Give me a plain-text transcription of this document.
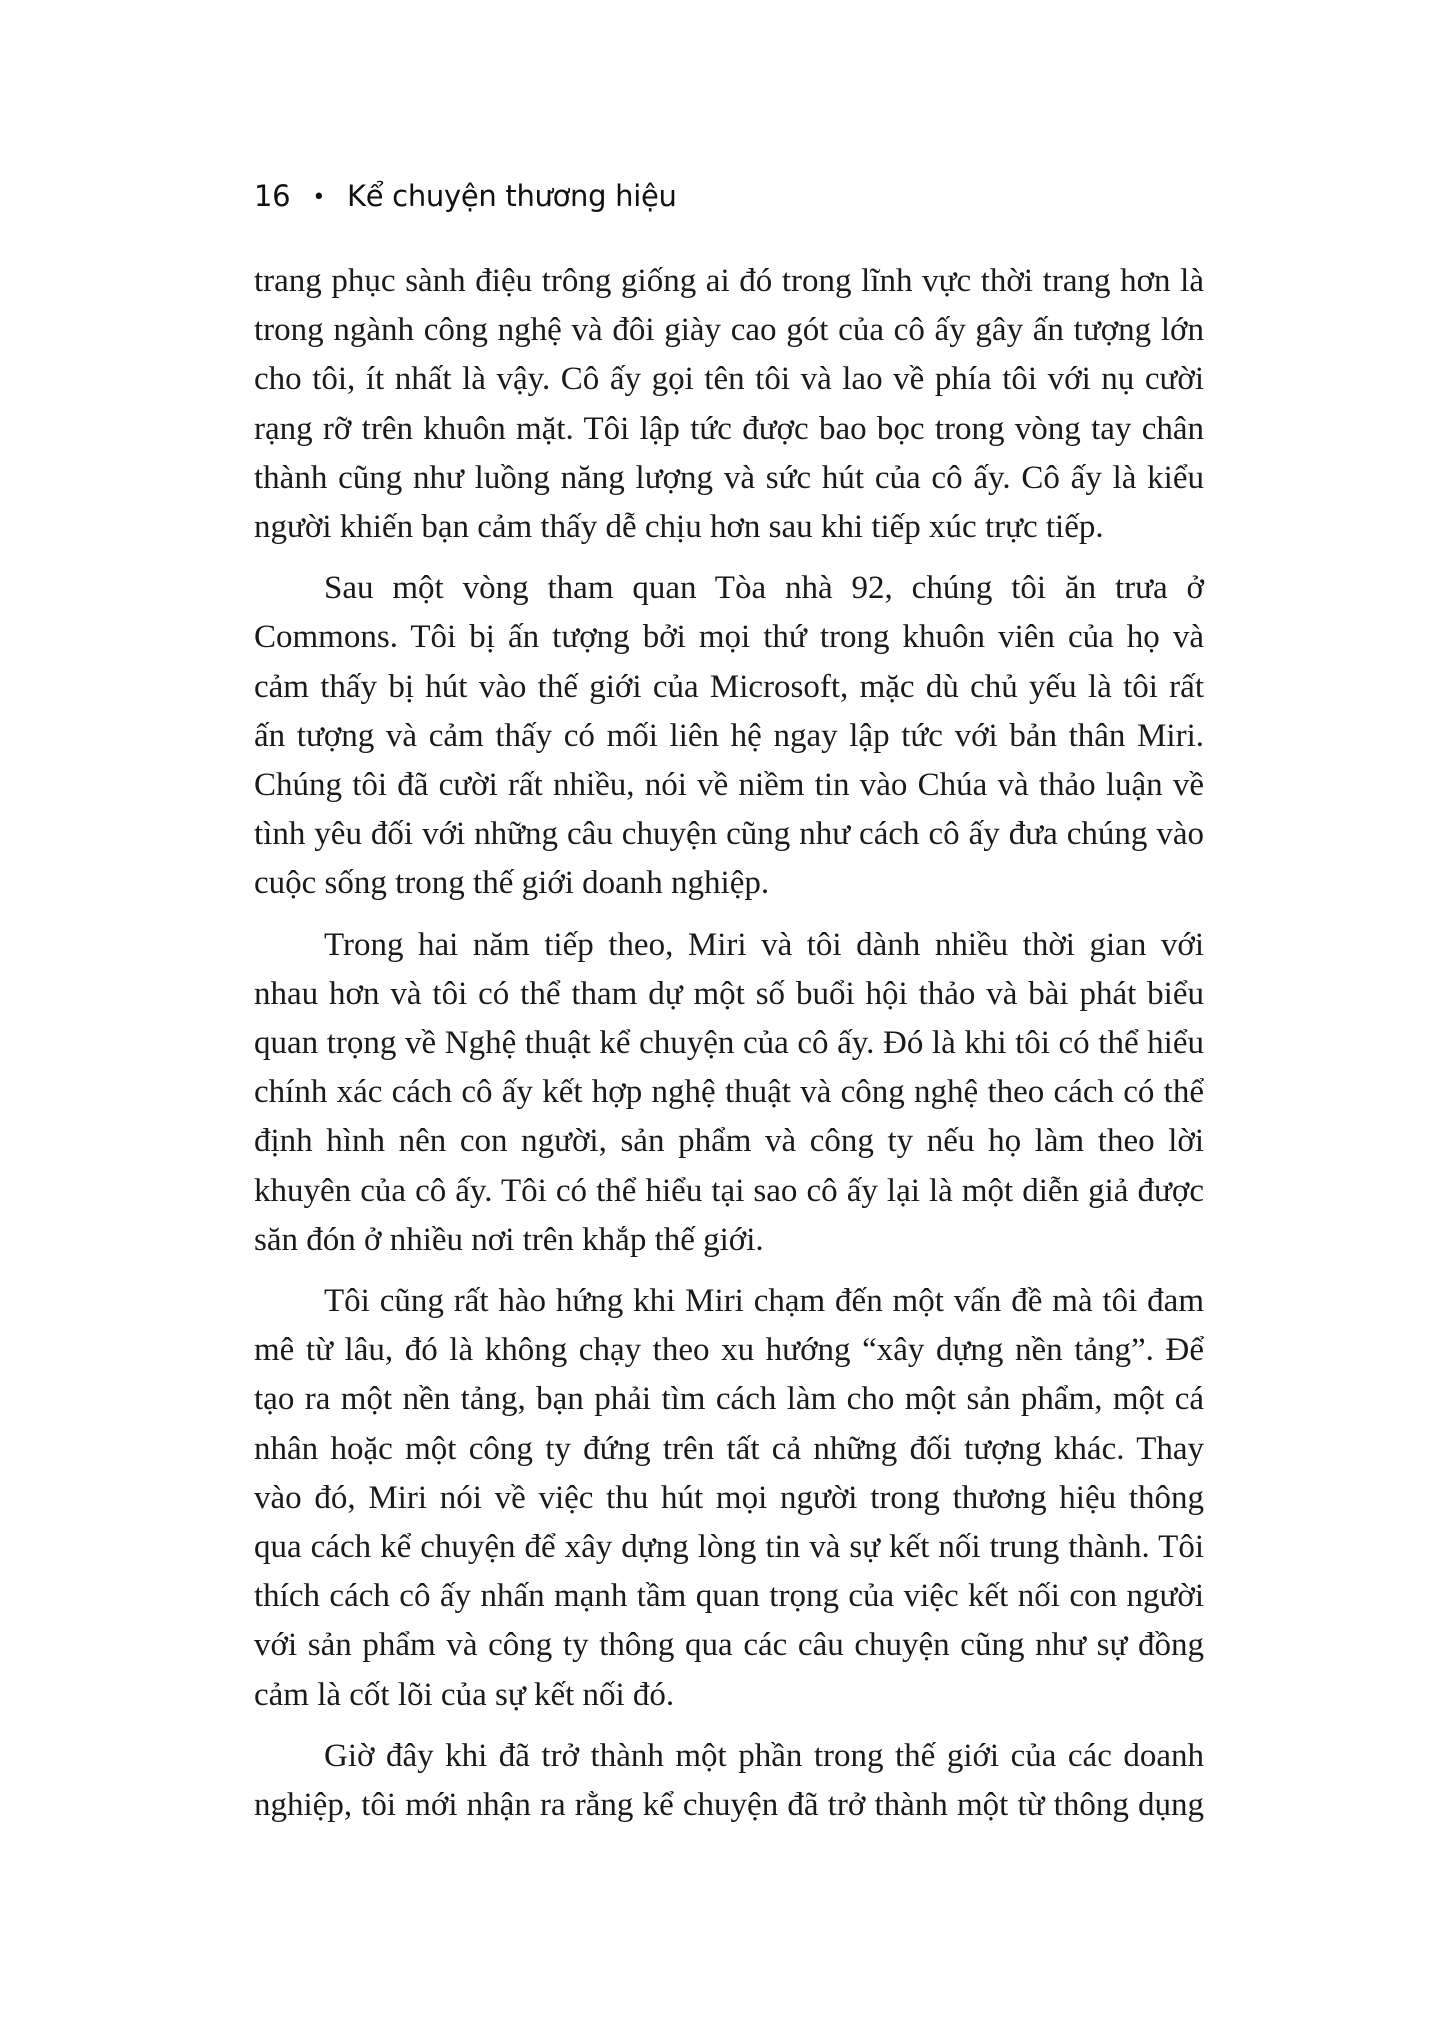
16 • Kể chuyện thương hiệu
trang phục sành điệu trông giống ai đó trong lĩnh vực thời trang hơn là
trong ngành công nghệ và đôi giày cao gót của cô ấy gây ấn tượng lớn
cho tôi, ít nhất là vậy. Cô ấy gọi tên tôi và lao về phía tôi với nụ cười
rạng rỡ trên khuôn mặt. Tôi lập tức được bao bọc trong vòng tay chân
thành cũng như luồng năng lượng và sức hút của cô ấy. Cô ấy là kiểu
người khiến bạn cảm thấy dễ chịu hơn sau khi tiếp xúc trực tiếp.
Sau một vòng tham quan Tòa nhà 92, chúng tôi ăn trưa ở
Commons. Tôi bị ấn tượng bởi mọi thứ trong khuôn viên của họ và
cảm thấy bị hút vào thế giới của Microsoft, mặc dù chủ yếu là tôi rất
ấn tượng và cảm thấy có mối liên hệ ngay lập tức với bản thân Miri.
Chúng tôi đã cười rất nhiều, nói về niềm tin vào Chúa và thảo luận về
tình yêu đối với những câu chuyện cũng như cách cô ấy đưa chúng vào
cuộc sống trong thế giới doanh nghiệp.
Trong hai năm tiếp theo, Miri và tôi dành nhiều thời gian với
nhau hơn và tôi có thể tham dự một số buổi hội thảo và bài phát biểu
quan trọng về Nghệ thuật kể chuyện của cô ấy. Đó là khi tôi có thể hiểu
chính xác cách cô ấy kết hợp nghệ thuật và công nghệ theo cách có thể
định hình nên con người, sản phẩm và công ty nếu họ làm theo lời
khuyên của cô ấy. Tôi có thể hiểu tại sao cô ấy lại là một diễn giả được
săn đón ở nhiều nơi trên khắp thế giới.
Tôi cũng rất hào hứng khi Miri chạm đến một vấn đề mà tôi đam
mê từ lâu, đó là không chạy theo xu hướng “xây dựng nền tảng”. Để
tạo ra một nền tảng, bạn phải tìm cách làm cho một sản phẩm, một cá
nhân hoặc một công ty đứng trên tất cả những đối tượng khác. Thay
vào đó, Miri nói về việc thu hút mọi người trong thương hiệu thông
qua cách kể chuyện để xây dựng lòng tin và sự kết nối trung thành. Tôi
thích cách cô ấy nhấn mạnh tầm quan trọng của việc kết nối con người
với sản phẩm và công ty thông qua các câu chuyện cũng như sự đồng
cảm là cốt lõi của sự kết nối đó.
Giờ đây khi đã trở thành một phần trong thế giới của các doanh
nghiệp, tôi mới nhận ra rằng kể chuyện đã trở thành một từ thông dụng
